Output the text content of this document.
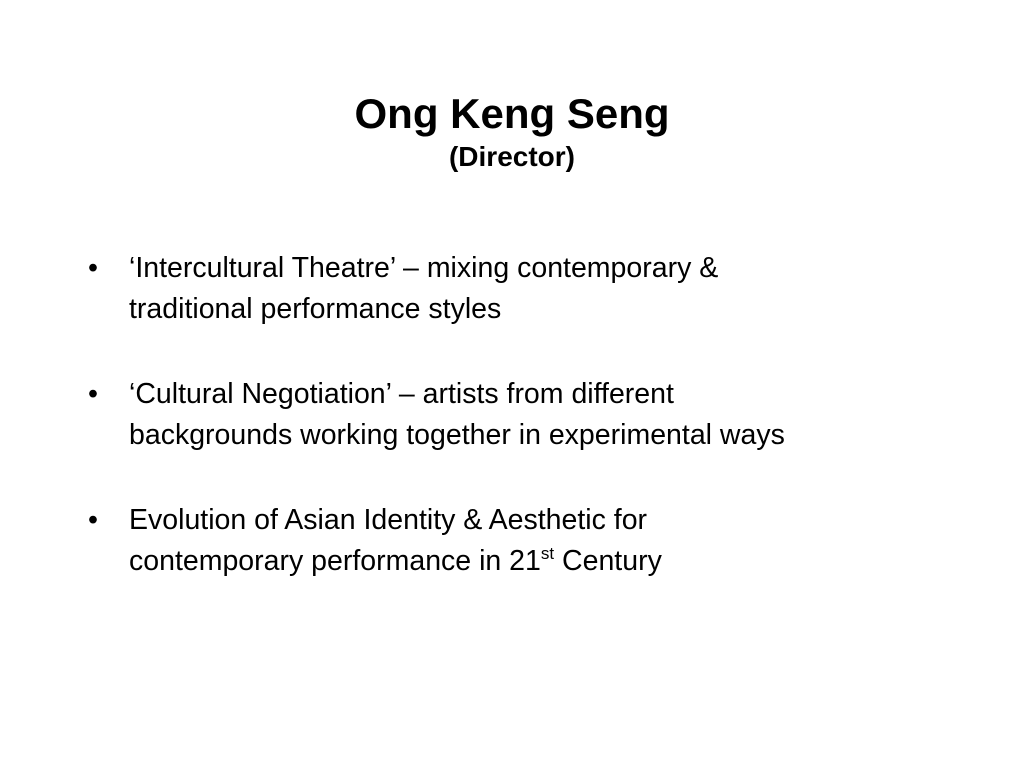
Ong Keng Seng
(Director)
• ‘Intercultural Theatre’ – mixing contemporary &
traditional performance styles
• ‘Cultural Negotiation’ – artists from different
backgrounds working together in experimental ways
• Evolution of Asian Identity & Aesthetic for
contemporary performance in 21st Century
